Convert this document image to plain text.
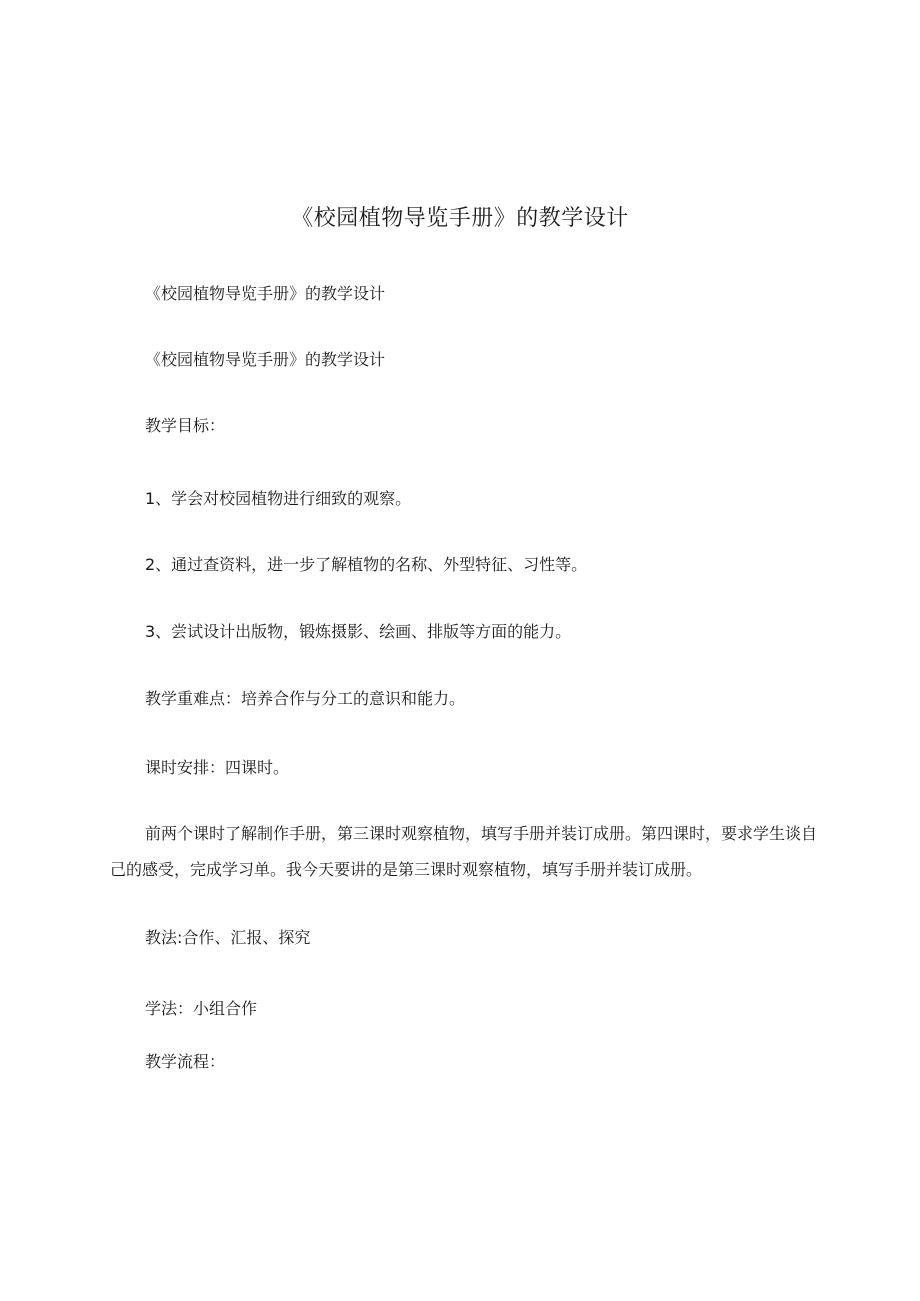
《校园植物导览手册》的教学设计
《校园植物导览手册》的教学设计
《校园植物导览手册》的教学设计
教学目标：
1、学会对校园植物进行细致的观察。
2、通过查资料，进一步了解植物的名称、外型特征、习性等。
3、尝试设计出版物，锻炼摄影、绘画、排版等方面的能力。
教学重难点：培养合作与分工的意识和能力。
课时安排：四课时。
前两个课时了解制作手册，第三课时观察植物，填写手册并装订成册。第四课时，要求学生谈自己的感受，完成学习单。我今天要讲的是第三课时观察植物，填写手册并装订成册。
教法:合作、汇报、探究
学法：小组合作
教学流程：
